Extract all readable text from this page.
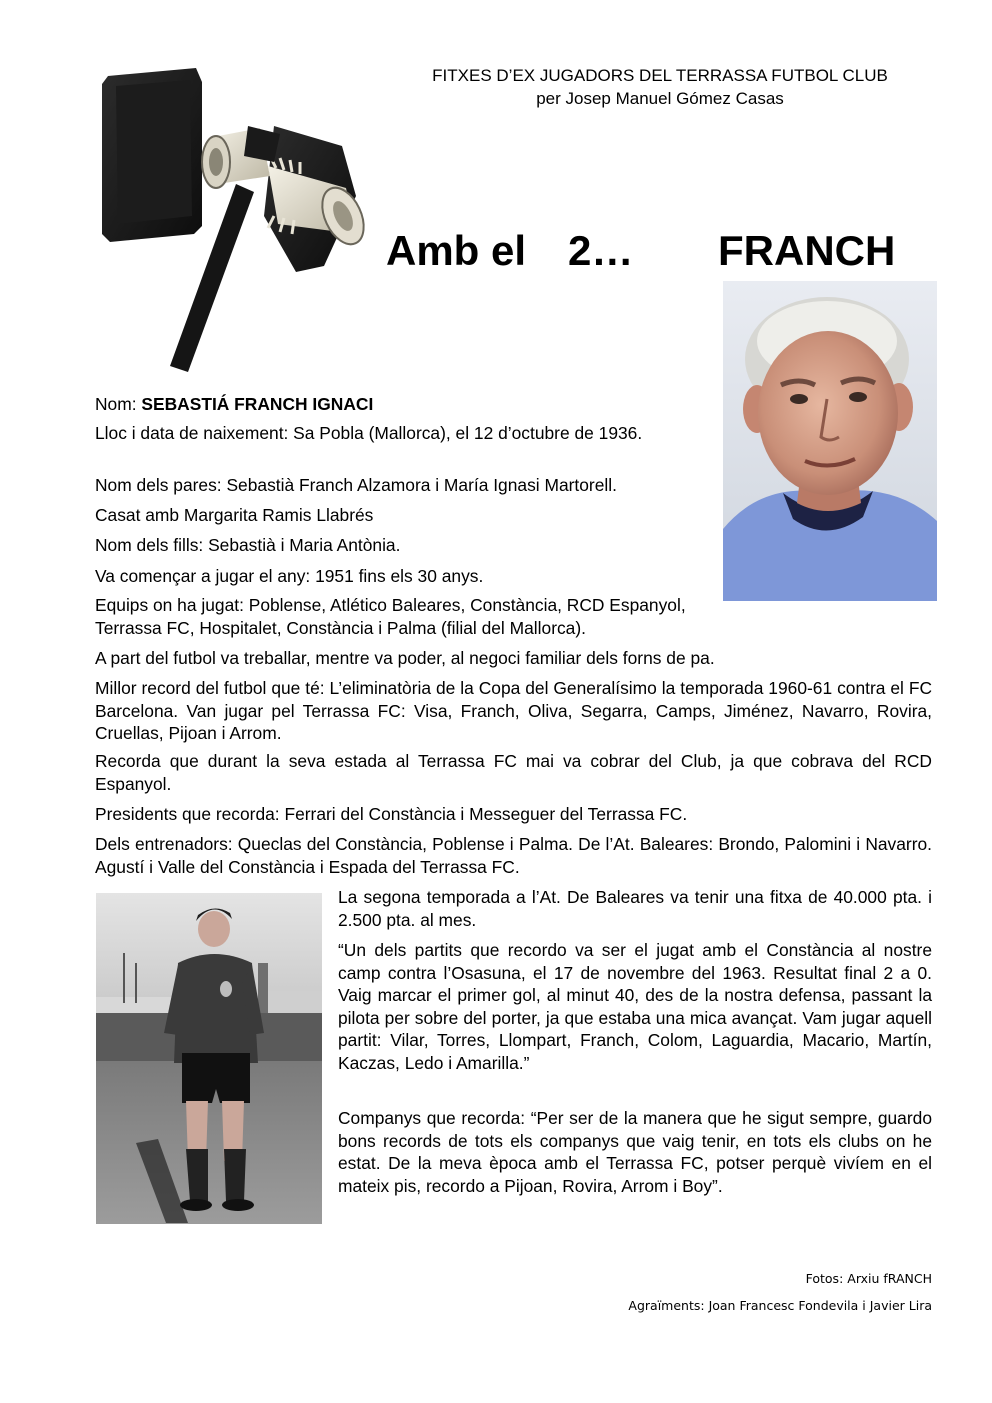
FITXES D’EX JUGADORS DEL TERRASSA FUTBOL CLUB
per Josep Manuel Gómez Casas
Amb el 2… FRANCH

Nom: SEBASTIÁ FRANCH IGNACI

Lloc i data de naixement: Sa Pobla (Mallorca), el 12 d’octubre de 1936.

Nom dels pares: Sebastià Franch Alzamora i María Ignasi Martorell.

Casat amb Margarita Ramis Llabrés

Nom dels fills: Sebastià i Maria Antònia.

Va començar a jugar el any: 1951 fins els 30 anys.

Equips on ha jugat: Poblense, Atlético Baleares, Constància, RCD Espanyol, Terrassa FC, Hospitalet, Constància i Palma (filial del Mallorca).

A part del futbol va treballar, mentre va poder, al negoci familiar dels forns de pa.

Millor record del futbol que té: L’eliminatòria de la Copa del Generalísimo la temporada 1960-61 contra el FC Barcelona. Van jugar pel Terrassa FC: Visa, Franch, Oliva, Segarra, Camps, Jiménez, Navarro, Rovira, Cruellas, Pijoan i Arrom.

Recorda que durant la seva estada al Terrassa FC mai va cobrar del Club, ja que cobrava del RCD Espanyol.

Presidents que recorda: Ferrari del Constància i Messeguer del Terrassa FC.

Dels entrenadors: Queclas del Constància, Poblense i Palma. De l’At. Baleares: Brondo, Palomini i Navarro. Agustí i Valle del Constància i Espada del Terrassa FC.

La segona temporada a l’At. De Baleares va tenir una fitxa de 40.000 pta. i 2.500 pta. al mes.

“Un dels partits que recordo va ser el jugat amb el Constància al nostre camp contra l’Osasuna, el 17 de novembre del 1963. Resultat final 2 a 0. Vaig marcar el primer gol, al minut 40, des de la nostra defensa, passant la pilota per sobre del porter, ja que estaba una mica avançat. Vam jugar aquell partit: Vilar, Torres, Llompart, Franch, Colom, Laguardia, Macario, Martín, Kaczas, Ledo i Amarilla.”

Companys que recorda: “Per ser de la manera que he sigut sempre, guardo bons records de tots els companys que vaig tenir, en tots els clubs on he estat. De la meva època amb el Terrassa FC, potser perquè vivíem en el mateix pis, recordo a Pijoan, Rovira, Arrom i Boy”.

Fotos: Arxiu fRANCH
Agraïments: Joan Francesc Fondevila i Javier Lira
